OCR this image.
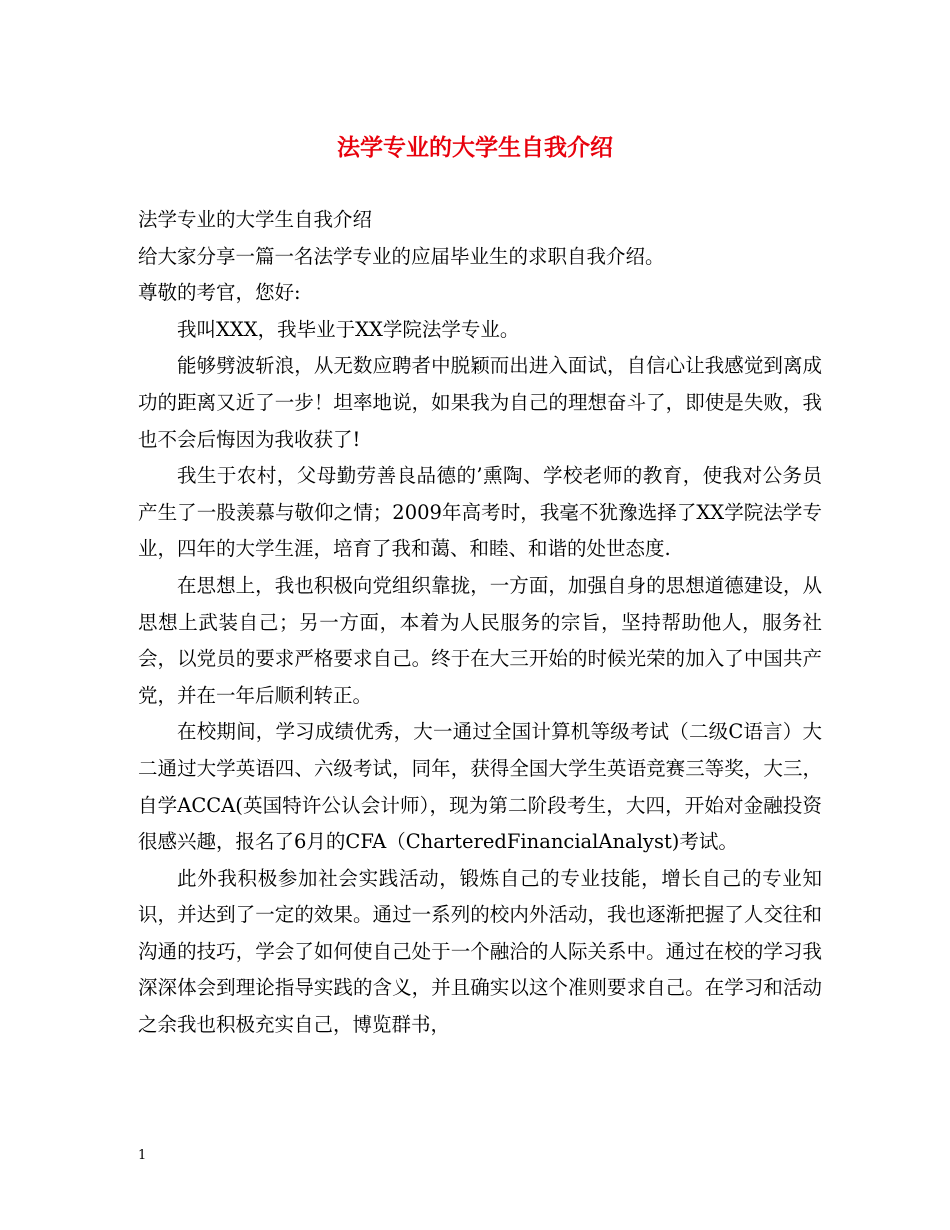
法学专业的大学生自我介绍

法学专业的大学生自我介绍

给大家分享一篇一名法学专业的应届毕业生的求职自我介绍。

尊敬的考官，您好:

我叫XXX，我毕业于XX学院法学专业。

能够劈波斩浪，从无数应聘者中脱颖而出进入面试，自信心让我感觉到离成功的距离又近了一步！坦率地说，如果我为自己的理想奋斗了，即使是失败，我也不会后悔因为我收获了!

我生于农村，父母勤劳善良品德的’熏陶、学校老师的教育，使我对公务员产生了一股羡慕与敬仰之情；2009年高考时，我毫不犹豫选择了XX学院法学专业，四年的大学生涯，培育了我和蔼、和睦、和谐的处世态度.

在思想上，我也积极向党组织靠拢，一方面，加强自身的思想道德建设，从思想上武装自己；另一方面，本着为人民服务的宗旨，坚持帮助他人，服务社会，以党员的要求严格要求自己。终于在大三开始的时候光荣的加入了中国共产党，并在一年后顺利转正。

在校期间，学习成绩优秀，大一通过全国计算机等级考试（二级C语言）大二通过大学英语四、六级考试，同年，获得全国大学生英语竞赛三等奖，大三，自学ACCA(英国特许公认会计师），现为第二阶段考生，大四，开始对金融投资很感兴趣，报名了6月的CFA（CharteredFinancialAnalyst)考试。

此外我积极参加社会实践活动，锻炼自己的专业技能，增长自己的专业知识，并达到了一定的效果。通过一系列的校内外活动，我也逐渐把握了人交往和沟通的技巧，学会了如何使自己处于一个融洽的人际关系中。通过在校的学习我深深体会到理论指导实践的含义，并且确实以这个准则要求自己。在学习和活动之余我也积极充实自己，博览群书，

1
